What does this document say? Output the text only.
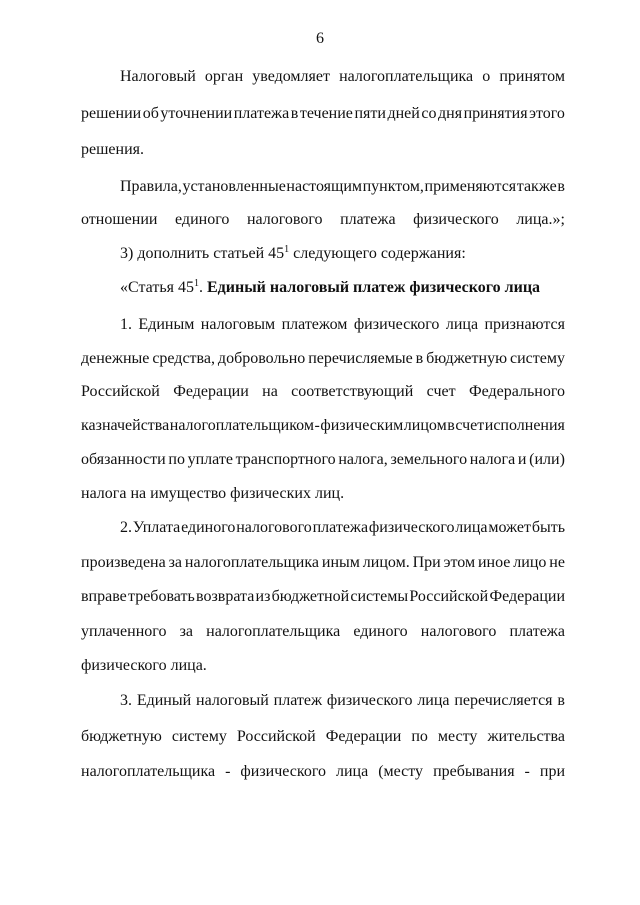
6
Налоговый орган уведомляет налогоплательщика о принятом
решении об уточнении платежа в течение пяти дней со дня принятия этого
решения.
Правила, установленные настоящим пунктом, применяются также в
отношении единого налогового платежа физического лица.»;
3) дополнить статьей $45^1$ следующего содержания:
«Статья $45^1$. Единый налоговый платеж физического лица
1. Единым налоговым платежом физического лица признаются
денежные средства, добровольно перечисляемые в бюджетную систему
Российской Федерации на соответствующий счет Федерального
казначейства налогоплательщиком - физическим лицом в счет исполнения
обязанности по уплате транспортного налога, земельного налога и (или)
налога на имущество физических лиц.
2. Уплата единого налогового платежа физического лица может быть
произведена за налогоплательщика иным лицом. При этом иное лицо не
вправе требовать возврата из бюджетной системы Российской Федерации
уплаченного за налогоплательщика единого налогового платежа
физического лица.
3. Единый налоговый платеж физического лица перечисляется в
бюджетную систему Российской Федерации по месту жительства
налогоплательщика - физического лица (месту пребывания - при
